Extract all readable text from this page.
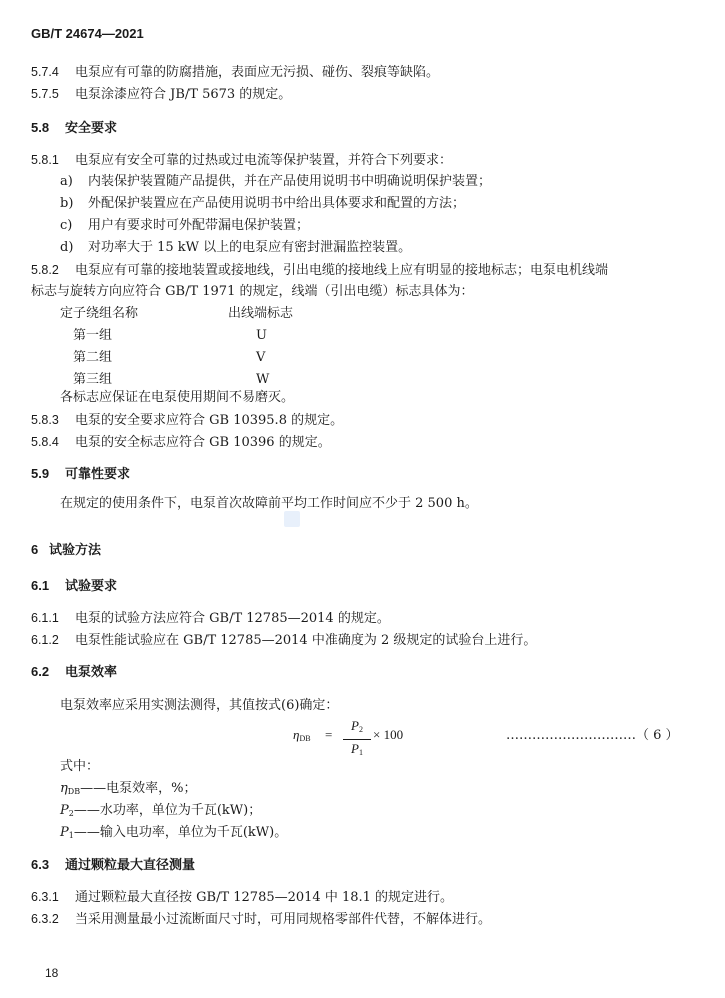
GB/T 24674—2021
5.7.4 电泵应有可靠的防腐措施，表面应无污损、碰伤、裂痕等缺陷。
5.7.5 电泵涂漆应符合 JB/T 5673 的规定。
5.8 安全要求
5.8.1 电泵应有安全可靠的过热或过电流等保护装置，并符合下列要求：
a) 内装保护装置随产品提供，并在产品使用说明书中明确说明保护装置；
b) 外配保护装置应在产品使用说明书中给出具体要求和配置的方法；
c) 用户有要求时可外配带漏电保护装置；
d) 对功率大于 15 kW 以上的电泵应有密封泄漏监控装置。
5.8.2 电泵应有可靠的接地装置或接地线，引出电缆的接地线上应有明显的接地标志；电泵电机线端
标志与旋转方向应符合 GB/T 1971 的规定，线端（引出电缆）标志具体为：
定子绕组名称	出线端标志
第一组	U
第二组	V
第三组	W
各标志应保证在电泵使用期间不易磨灭。
5.8.3 电泵的安全要求应符合 GB 10395.8 的规定。
5.8.4 电泵的安全标志应符合 GB 10396 的规定。
5.9 可靠性要求
在规定的使用条件下，电泵首次故障前平均工作时间应不少于 2 500 h。
6 试验方法
6.1 试验要求
6.1.1 电泵的试验方法应符合 GB/T 12785—2014 的规定。
6.1.2 电泵性能试验应在 GB/T 12785—2014 中准确度为 2 级规定的试验台上进行。
6.2 电泵效率
电泵效率应采用实测法测得，其值按式(6)确定：
$\eta_{DB}$ =
$P_2$
$P_1$
× 100	…………………………（ 6 ）
式中：
$\eta_{DB}——$电泵效率，%；
$P_2——$水功率，单位为千瓦(kW)；
$P_1——$输入电功率，单位为千瓦(kW)。
6.3 通过颗粒最大直径测量
6.3.1 通过颗粒最大直径按 GB/T 12785—2014 中 18.1 的规定进行。
6.3.2 当采用测量最小过流断面尺寸时，可用同规格零部件代替，不解体进行。
18
